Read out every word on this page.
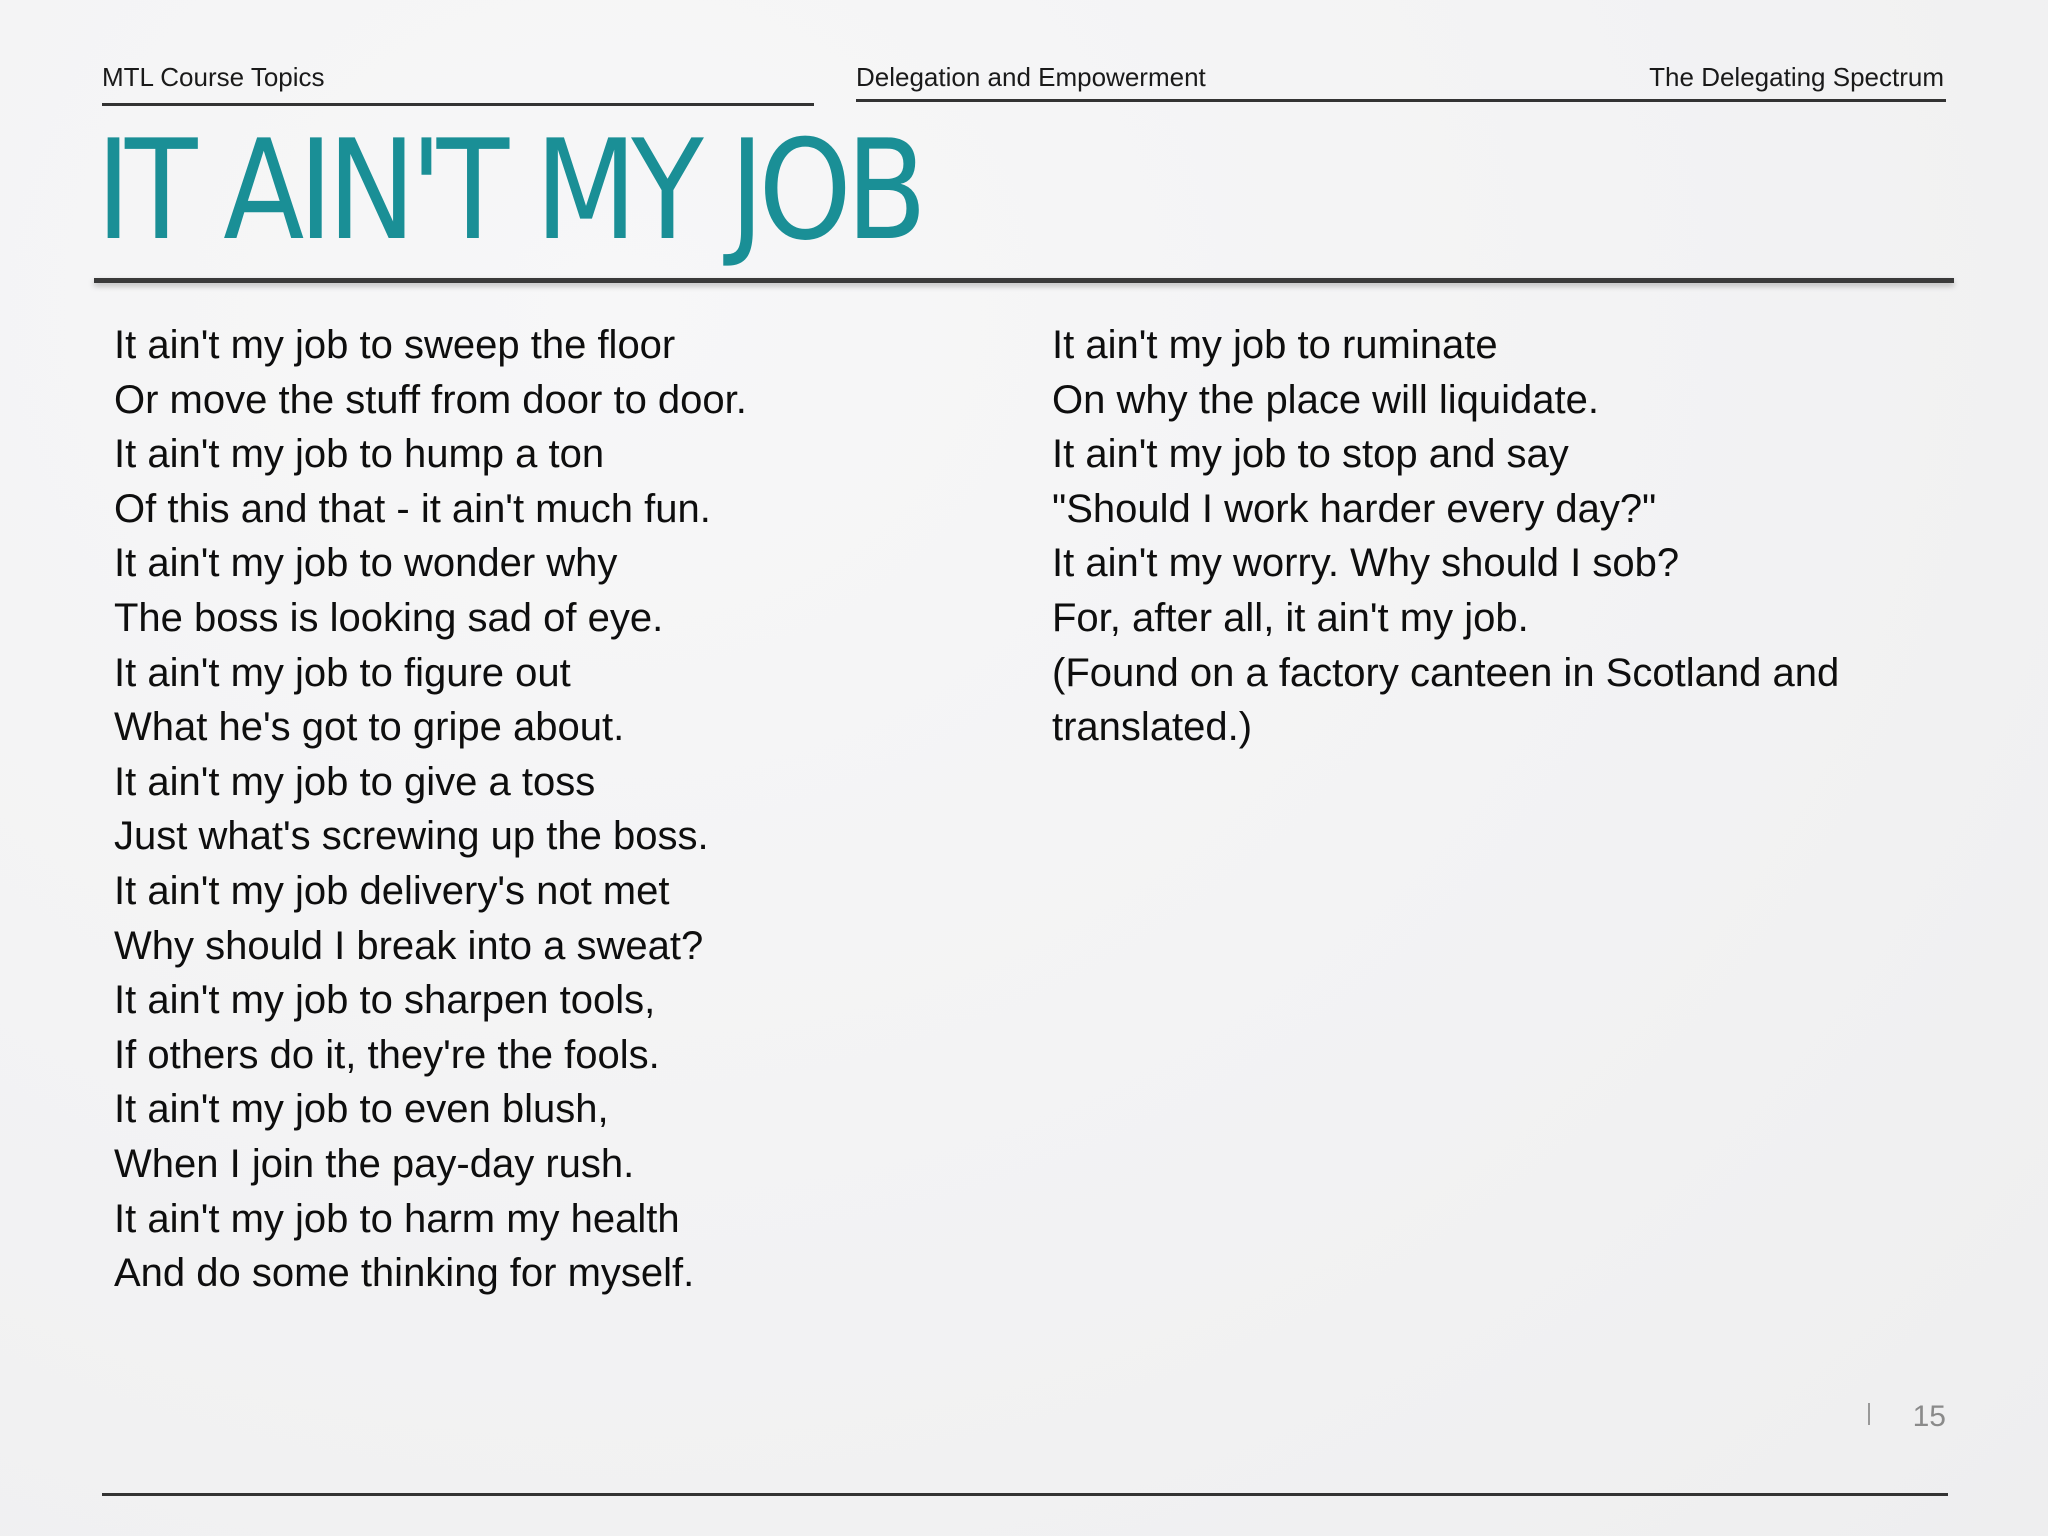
MTL Course Topics	Delegation and Empowerment	The Delegating Spectrum
IT AIN'T MY JOB
It ain't my job to sweep the floor
Or move the stuff from door to door.
It ain't my job to hump a ton
Of this and that - it ain't much fun.
It ain't my job to wonder why
The boss is looking sad of eye.
It ain't my job to figure out
What he's got to gripe about.
It ain't my job to give a toss
Just what's screwing up the boss.
It ain't my job delivery's not met
Why should I break into a sweat?
It ain't my job to sharpen tools,
If others do it, they're the fools.
It ain't my job to even blush,
When I join the pay-day rush.
It ain't my job to harm my health
And do some thinking for myself.
It ain't my job to ruminate
On why the place will liquidate.
It ain't my job to stop and say
"Should I work harder every day?"
It ain't my worry. Why should I sob?
For, after all, it ain't my job.
(Found on a factory canteen in Scotland and
translated.)
15
